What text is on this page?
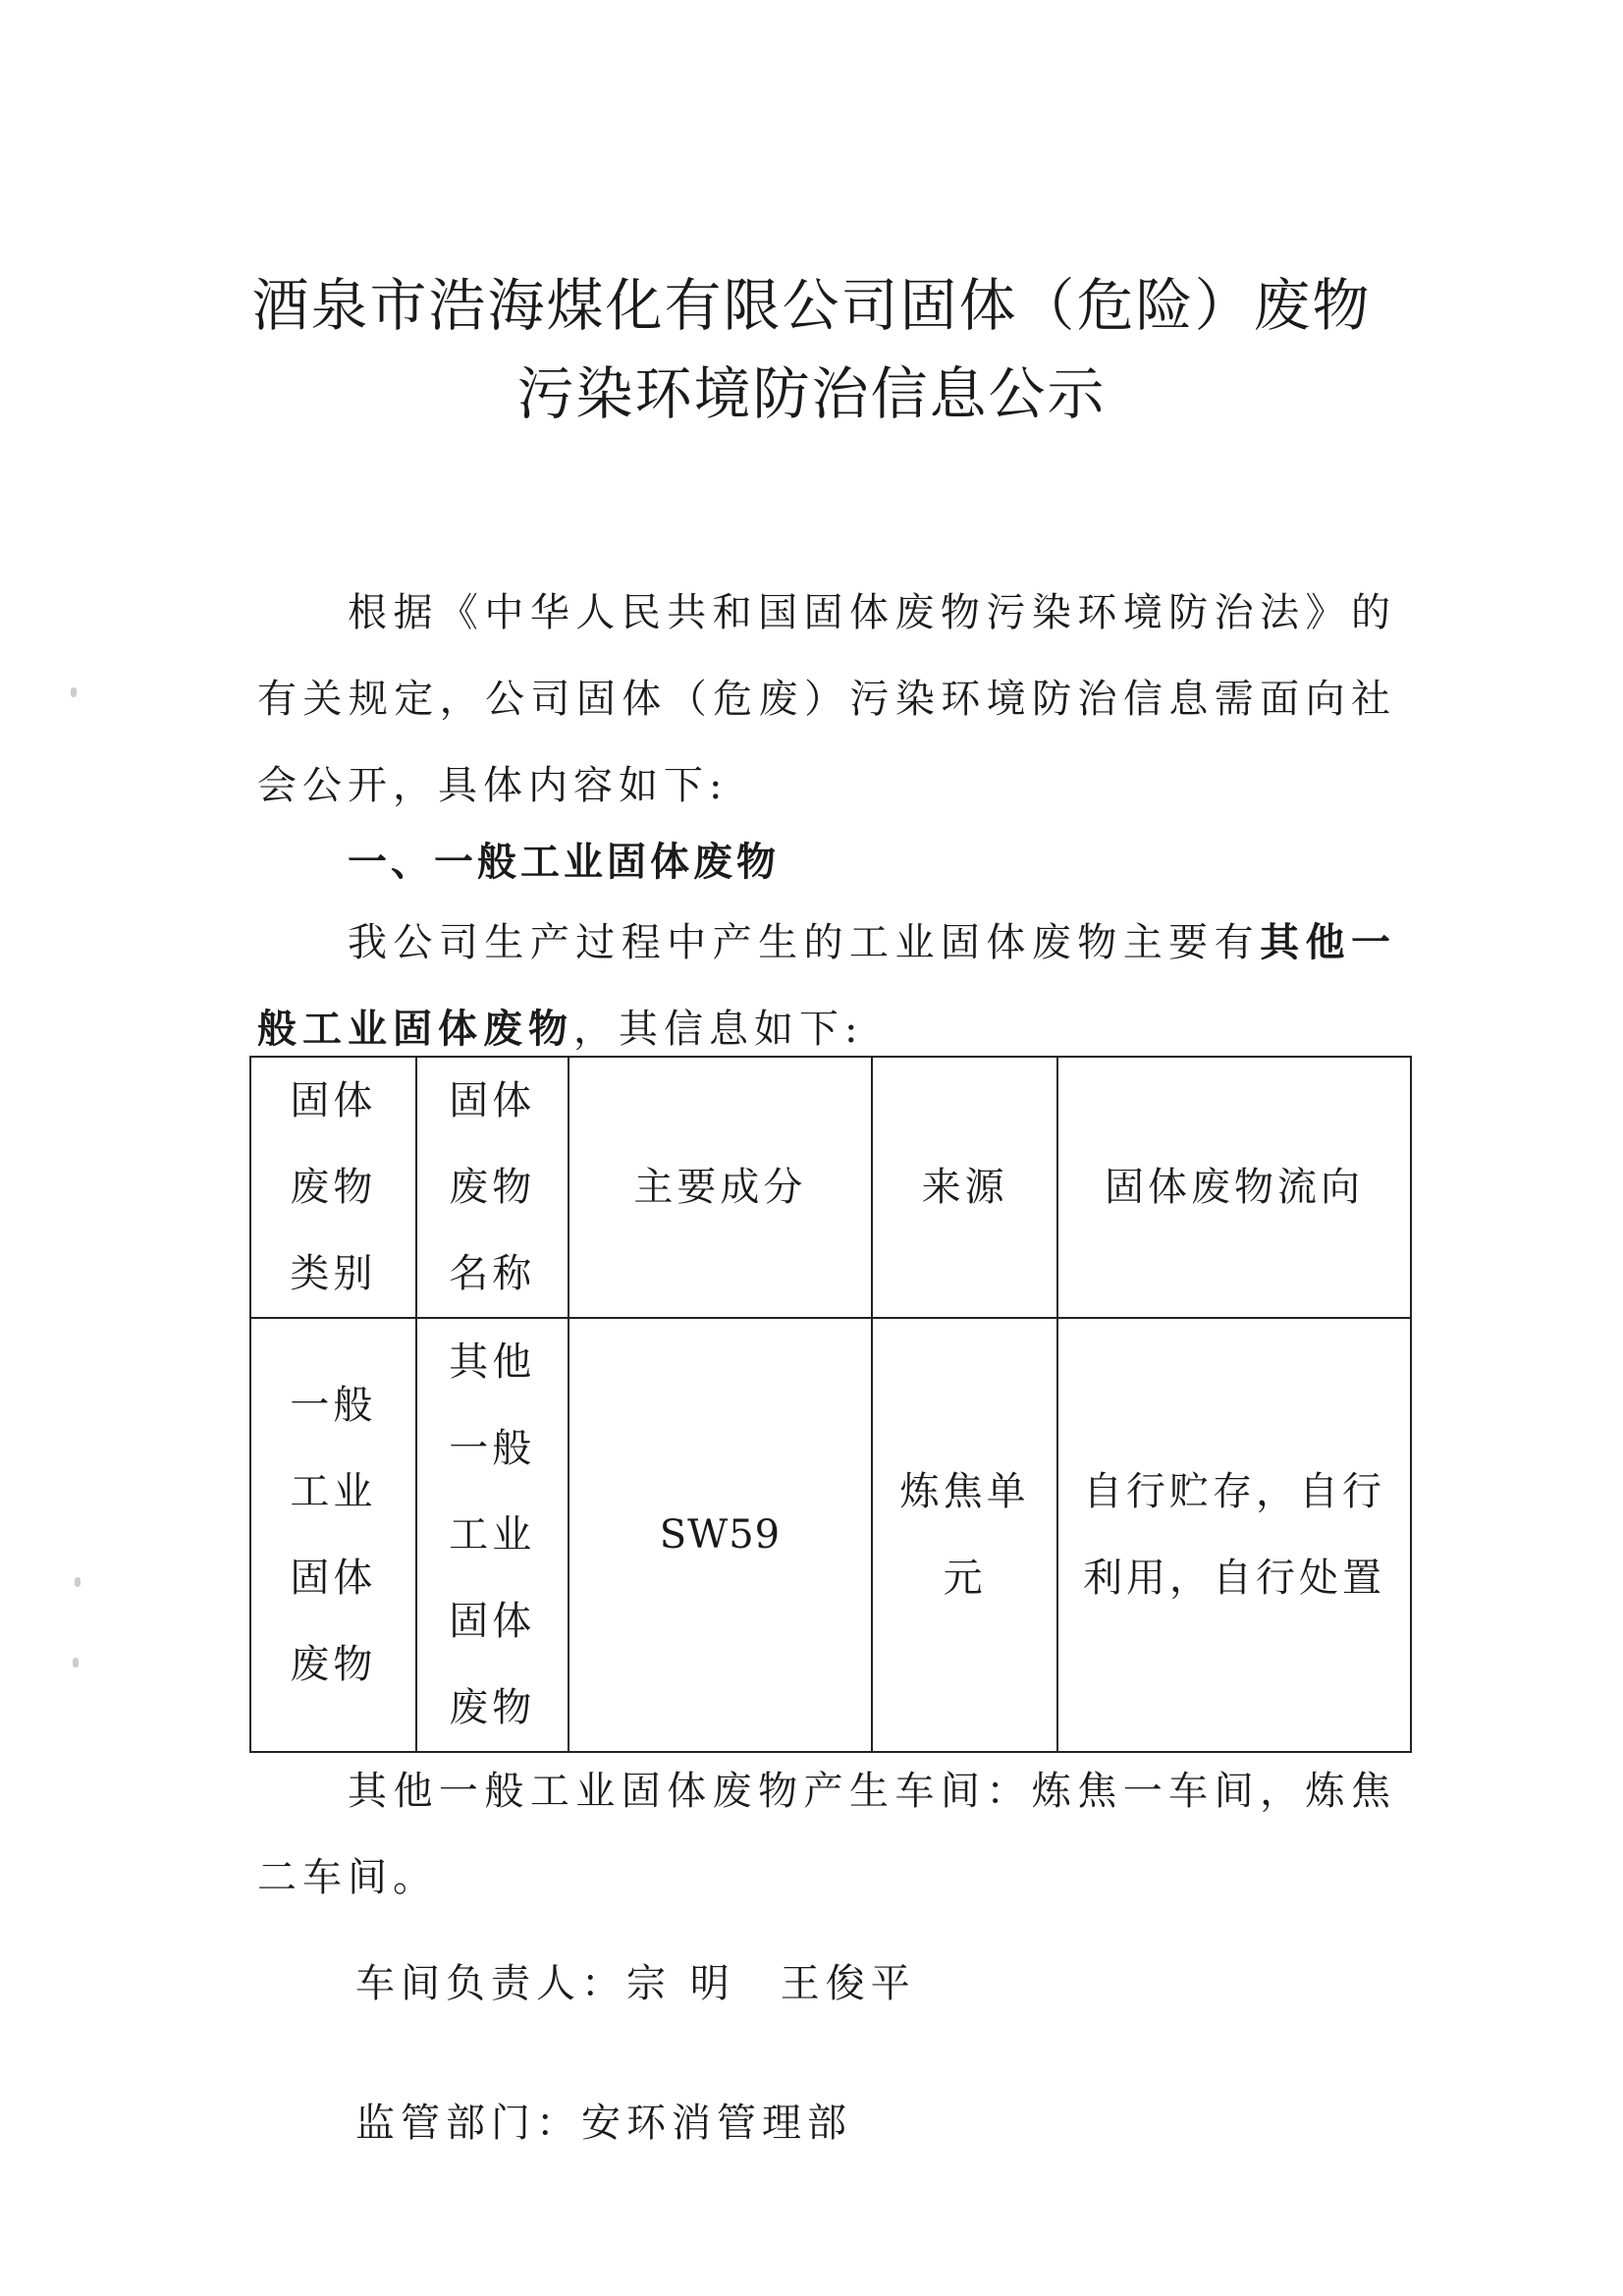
酒泉市浩海煤化有限公司固体（危险）废物
污染环境防治信息公示
根据《中华人民共和国固体废物污染环境防治法》的有关规定，公司固体（危废）污染环境防治信息需面向社会公开，具体内容如下:
一、一般工业固体废物
我公司生产过程中产生的工业固体废物主要有其他一般工业固体废物，其信息如下:
固体废物类别	固体废物名称	主要成分	来源	固体废物流向
一般工业固体废物	其他一般工业固体废物	SW59	炼焦单元	自行贮存，自行利用，自行处置
其他一般工业固体废物产生车间：炼焦一车间，炼焦二车间。
车间负责人：宗 明　王俊平
监管部门：安环消管理部
